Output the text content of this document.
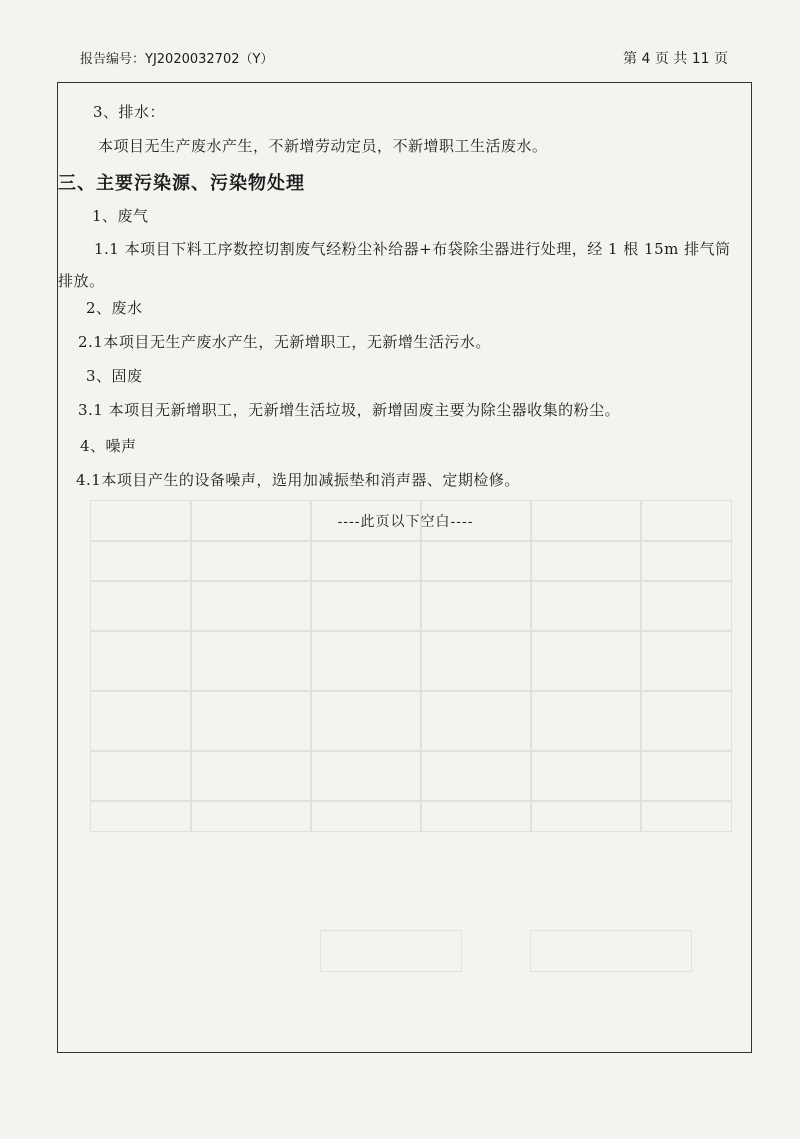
报告编号：YJ2020032702（Y）	第 4 页 共 11 页
3、排水：
本项目无生产废水产生，不新增劳动定员，不新增职工生活废水。
三、主要污染源、污染物处理
1、废气
1.1 本项目下料工序数控切割废气经粉尘补给器+布袋除尘器进行处理，经 1 根 15m 排气筒排放。
2、废水
2.1本项目无生产废水产生，无新增职工，无新增生活污水。
3、固废
3.1 本项目无新增职工，无新增生活垃圾，新增固废主要为除尘器收集的粉尘。
4、噪声
4.1本项目产生的设备噪声，选用加减振垫和消声器、定期检修。
----此页以下空白----
